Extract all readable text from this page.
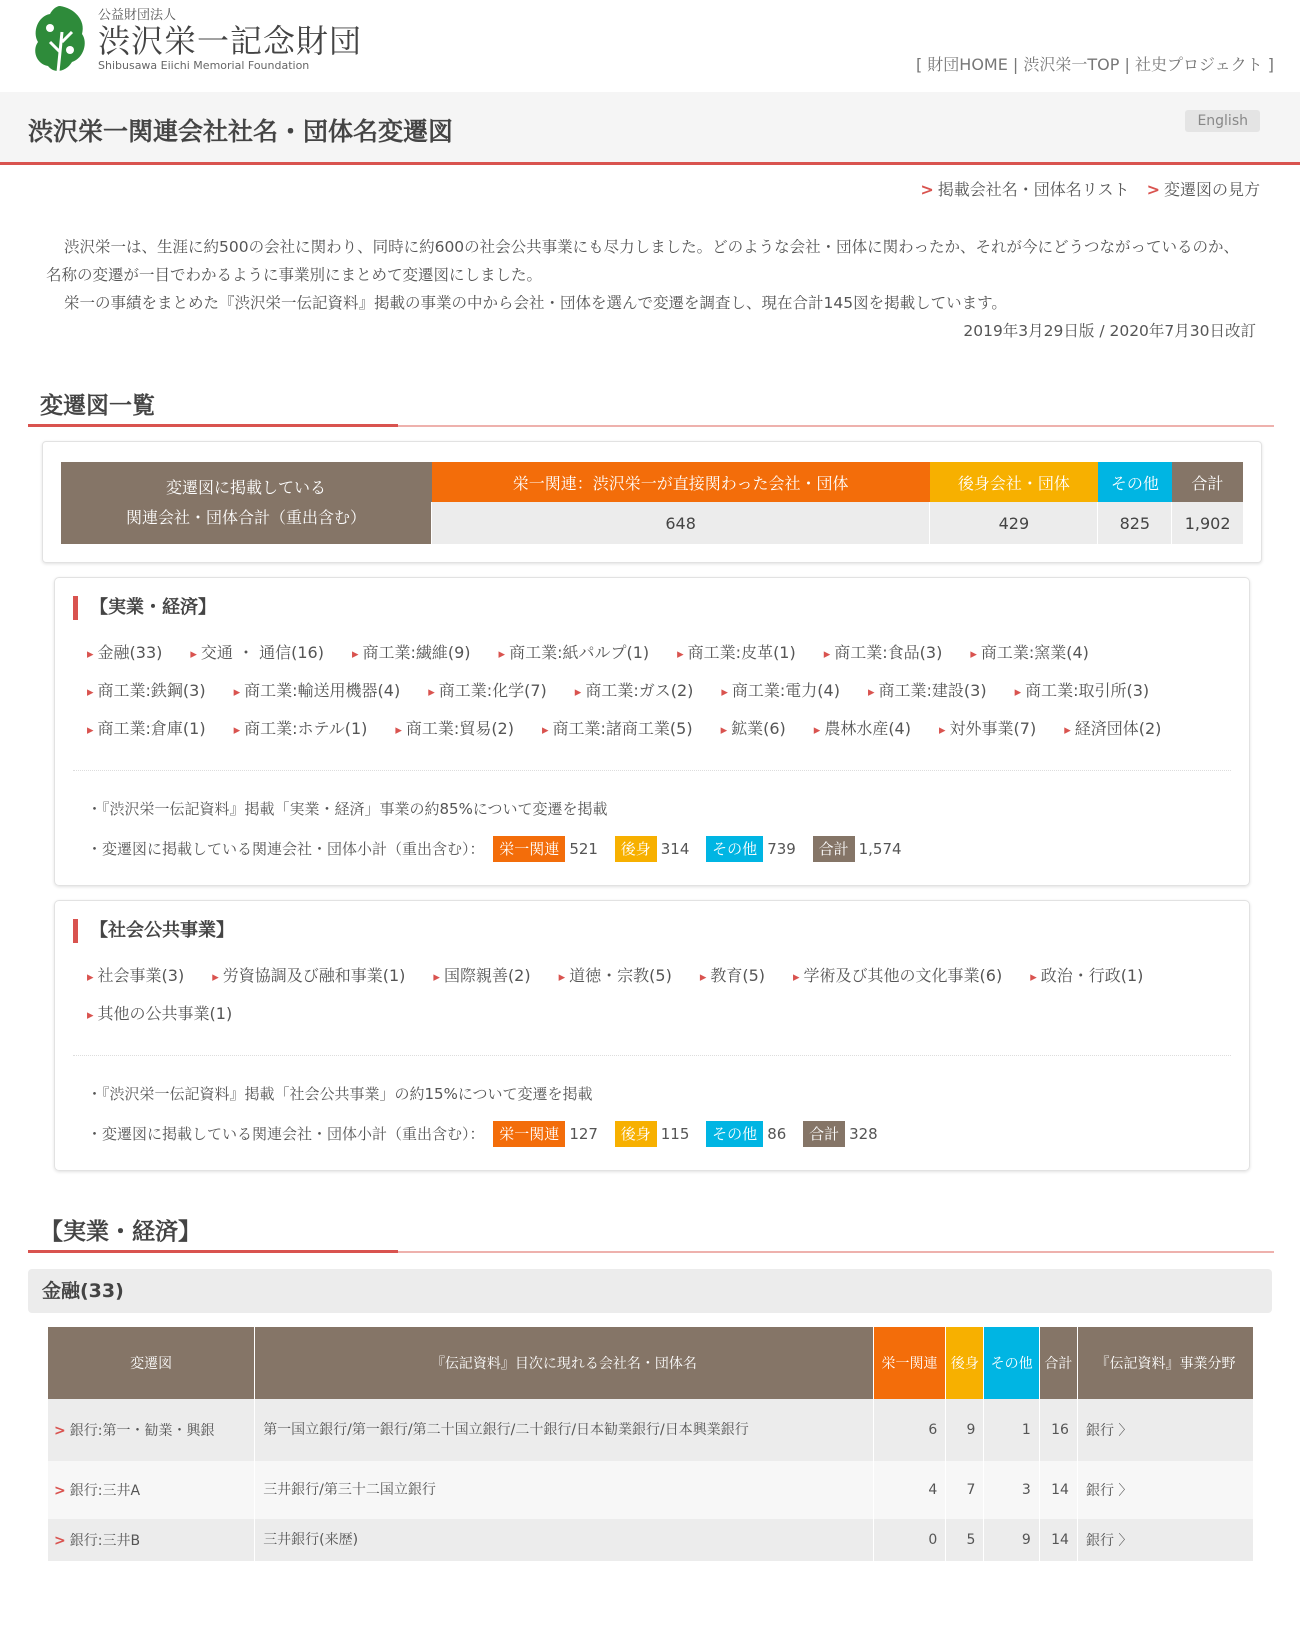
公益財団法人
渋沢栄一記念財団
Shibusawa Eiichi Memorial Foundation	[ 財団HOME | 渋沢栄一TOP | 社史プロジェクト ]
渋沢栄一関連会社社名・団体名変遷図	English
> 掲載会社名・団体名リスト > 変遷図の見方

渋沢栄一は、生涯に約500の会社に関わり、同時に約600の社会公共事業にも尽力しました。どのような会社・団体に関わったか、それが今にどうつながっているのか、名称の変遷が一目でわかるように事業別にまとめて変遷図にしました。

栄一の事績をまとめた『渋沢栄一伝記資料』掲載の事業の中から会社・団体を選んで変遷を調査し、現在合計145図を掲載しています。

2019年3月29日版 / 2020年7月30日改訂
変遷図一覧
変遷図に掲載している
関連会社・団体合計（重出含む）	栄一関連：渋沢栄一が直接関わった会社・団体	後身会社・団体	その他	合計
	648	429	825	1,902
【実業・経済】
▸ 金融(33)	▸ 交通 ・ 通信(16)	▸ 商工業:繊維(9)	▸ 商工業:紙パルプ(1)	▸ 商工業:皮革(1)	▸ 商工業:食品(3)	▸ 商工業:窯業(4)
▸ 商工業:鉄鋼(3)	▸ 商工業:輸送用機器(4)	▸ 商工業:化学(7)	▸ 商工業:ガス(2)	▸ 商工業:電力(4)	▸ 商工業:建設(3)	▸ 商工業:取引所(3)
▸ 商工業:倉庫(1)	▸ 商工業:ホテル(1)	▸ 商工業:貿易(2)	▸ 商工業:諸商工業(5)	▸ 鉱業(6)	▸ 農林水産(4)	▸ 対外事業(7)	▸ 経済団体(2)
・『渋沢栄一伝記資料』掲載「実業・経済」事業の約85%について変遷を掲載
・変遷図に掲載している関連会社・団体小計（重出含む）： 栄一関連 521 後身 314 その他 739 合計 1,574
【社会公共事業】
▸ 社会事業(3)	▸ 労資協調及び融和事業(1)	▸ 国際親善(2)	▸ 道徳・宗教(5)	▸ 教育(5)	▸ 学術及び其他の文化事業(6)	▸ 政治・行政(1)
▸ 其他の公共事業(1)
・『渋沢栄一伝記資料』掲載「社会公共事業」の約15%について変遷を掲載
・変遷図に掲載している関連会社・団体小計（重出含む）： 栄一関連 127 後身 115 その他 86 合計 328
【実業・経済】
金融(33)
変遷図	『伝記資料』目次に現れる会社名・団体名	栄一関連	後身	その他	合計	『伝記資料』事業分野
> 銀行:第一・勧業・興銀	第一国立銀行/第一銀行/第二十国立銀行/二十銀行/日本勧業銀行/日本興業銀行	6	9	1	16	銀行 〉
> 銀行:三井A	三井銀行/第三十二国立銀行	4	7	3	14	銀行 〉
> 銀行:三井B	三井銀行(来歴)	0	5	9	14	銀行 〉
